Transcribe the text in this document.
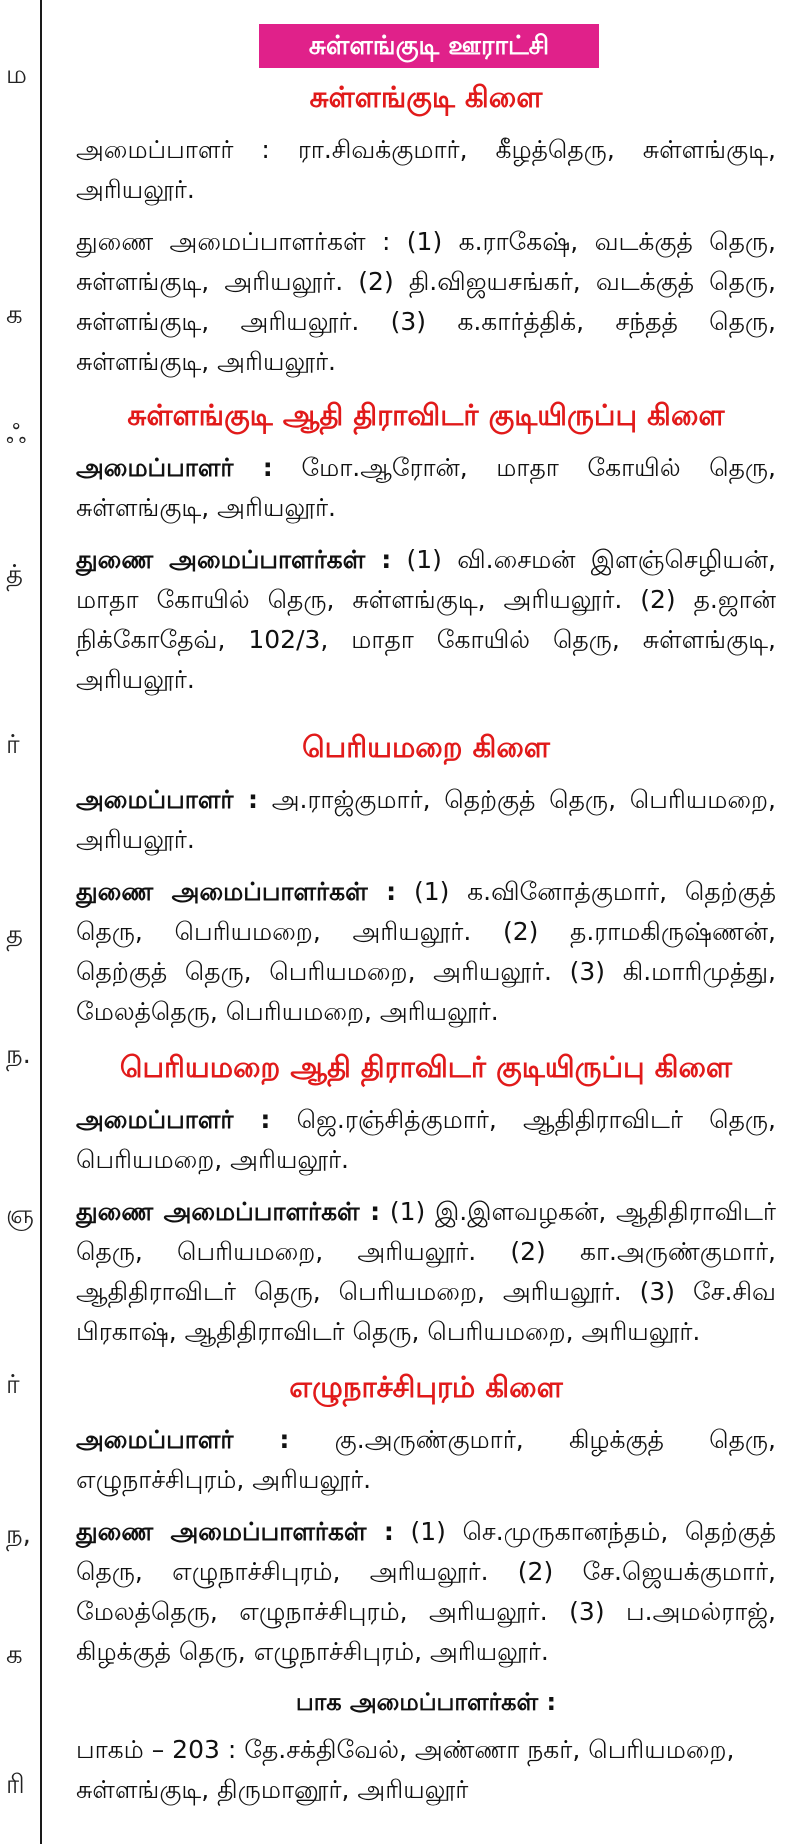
ம
க
ஃ
த்
ர்
த
ந.
ஞ
ர்
ந,
க
ரி
சுள்ளங்குடி ஊராட்சி
சுள்ளங்குடி கிளை
அமைப்பாளர் : ரா.சிவக்குமார், கீழத்தெரு, சுள்ளங்குடி, அரியலூர்.
துணை அமைப்பாளர்கள் : (1) க.ராகேஷ், வடக்குத் தெரு, சுள்ளங்குடி, அரியலூர். (2) தி.விஜயசங்கர், வடக்குத் தெரு, சுள்ளங்குடி, அரியலூர். (3) க.கார்த்திக், சந்தத் தெரு, சுள்ளங்குடி, அரியலூர்.
சுள்ளங்குடி ஆதி திராவிடர் குடியிருப்பு கிளை
அமைப்பாளர் : மோ.ஆரோன், மாதா கோயில் தெரு, சுள்ளங்குடி, அரியலூர்.
துணை அமைப்பாளர்கள் : (1) வி.சைமன் இளஞ்செழியன், மாதா கோயில் தெரு, சுள்ளங்குடி, அரியலூர். (2) த.ஜான் நிக்கோதேவ், 102/3, மாதா கோயில் தெரு, சுள்ளங்குடி, அரியலூர்.
பெரியமறை கிளை
அமைப்பாளர் : அ.ராஜ்குமார், தெற்குத் தெரு, பெரியமறை, அரியலூர்.
துணை அமைப்பாளர்கள் : (1) க.வினோத்குமார், தெற்குத் தெரு, பெரியமறை, அரியலூர். (2) த.ராமகிருஷ்ணன், தெற்குத் தெரு, பெரியமறை, அரியலூர். (3) கி.மாரிமுத்து, மேலத்தெரு, பெரியமறை, அரியலூர்.
பெரியமறை ஆதி திராவிடர் குடியிருப்பு கிளை
அமைப்பாளர் : ஜெ.ரஞ்சித்குமார், ஆதிதிராவிடர் தெரு, பெரியமறை, அரியலூர்.
துணை அமைப்பாளர்கள் : (1) இ.இளவழகன், ஆதிதிராவிடர் தெரு, பெரியமறை, அரியலூர். (2) கா.அருண்குமார், ஆதிதிராவிடர் தெரு, பெரியமறை, அரியலூர். (3) சே.சிவ பிரகாஷ், ஆதிதிராவிடர் தெரு, பெரியமறை, அரியலூர்.
எழுநாச்சிபுரம் கிளை
அமைப்பாளர் : கு.அருண்குமார், கிழக்குத் தெரு, எழுநாச்சிபுரம், அரியலூர்.
துணை அமைப்பாளர்கள் : (1) செ.முருகானந்தம், தெற்குத் தெரு, எழுநாச்சிபுரம், அரியலூர். (2) சே.ஜெயக்குமார், மேலத்தெரு, எழுநாச்சிபுரம், அரியலூர். (3) ப.அமல்ராஜ், கிழக்குத் தெரு, எழுநாச்சிபுரம், அரியலூர்.
பாக அமைப்பாளர்கள் :
பாகம் – 203 : தே.சக்திவேல், அண்ணா நகர், பெரியமறை, சுள்ளங்குடி, திருமானூர், அரியலூர்
